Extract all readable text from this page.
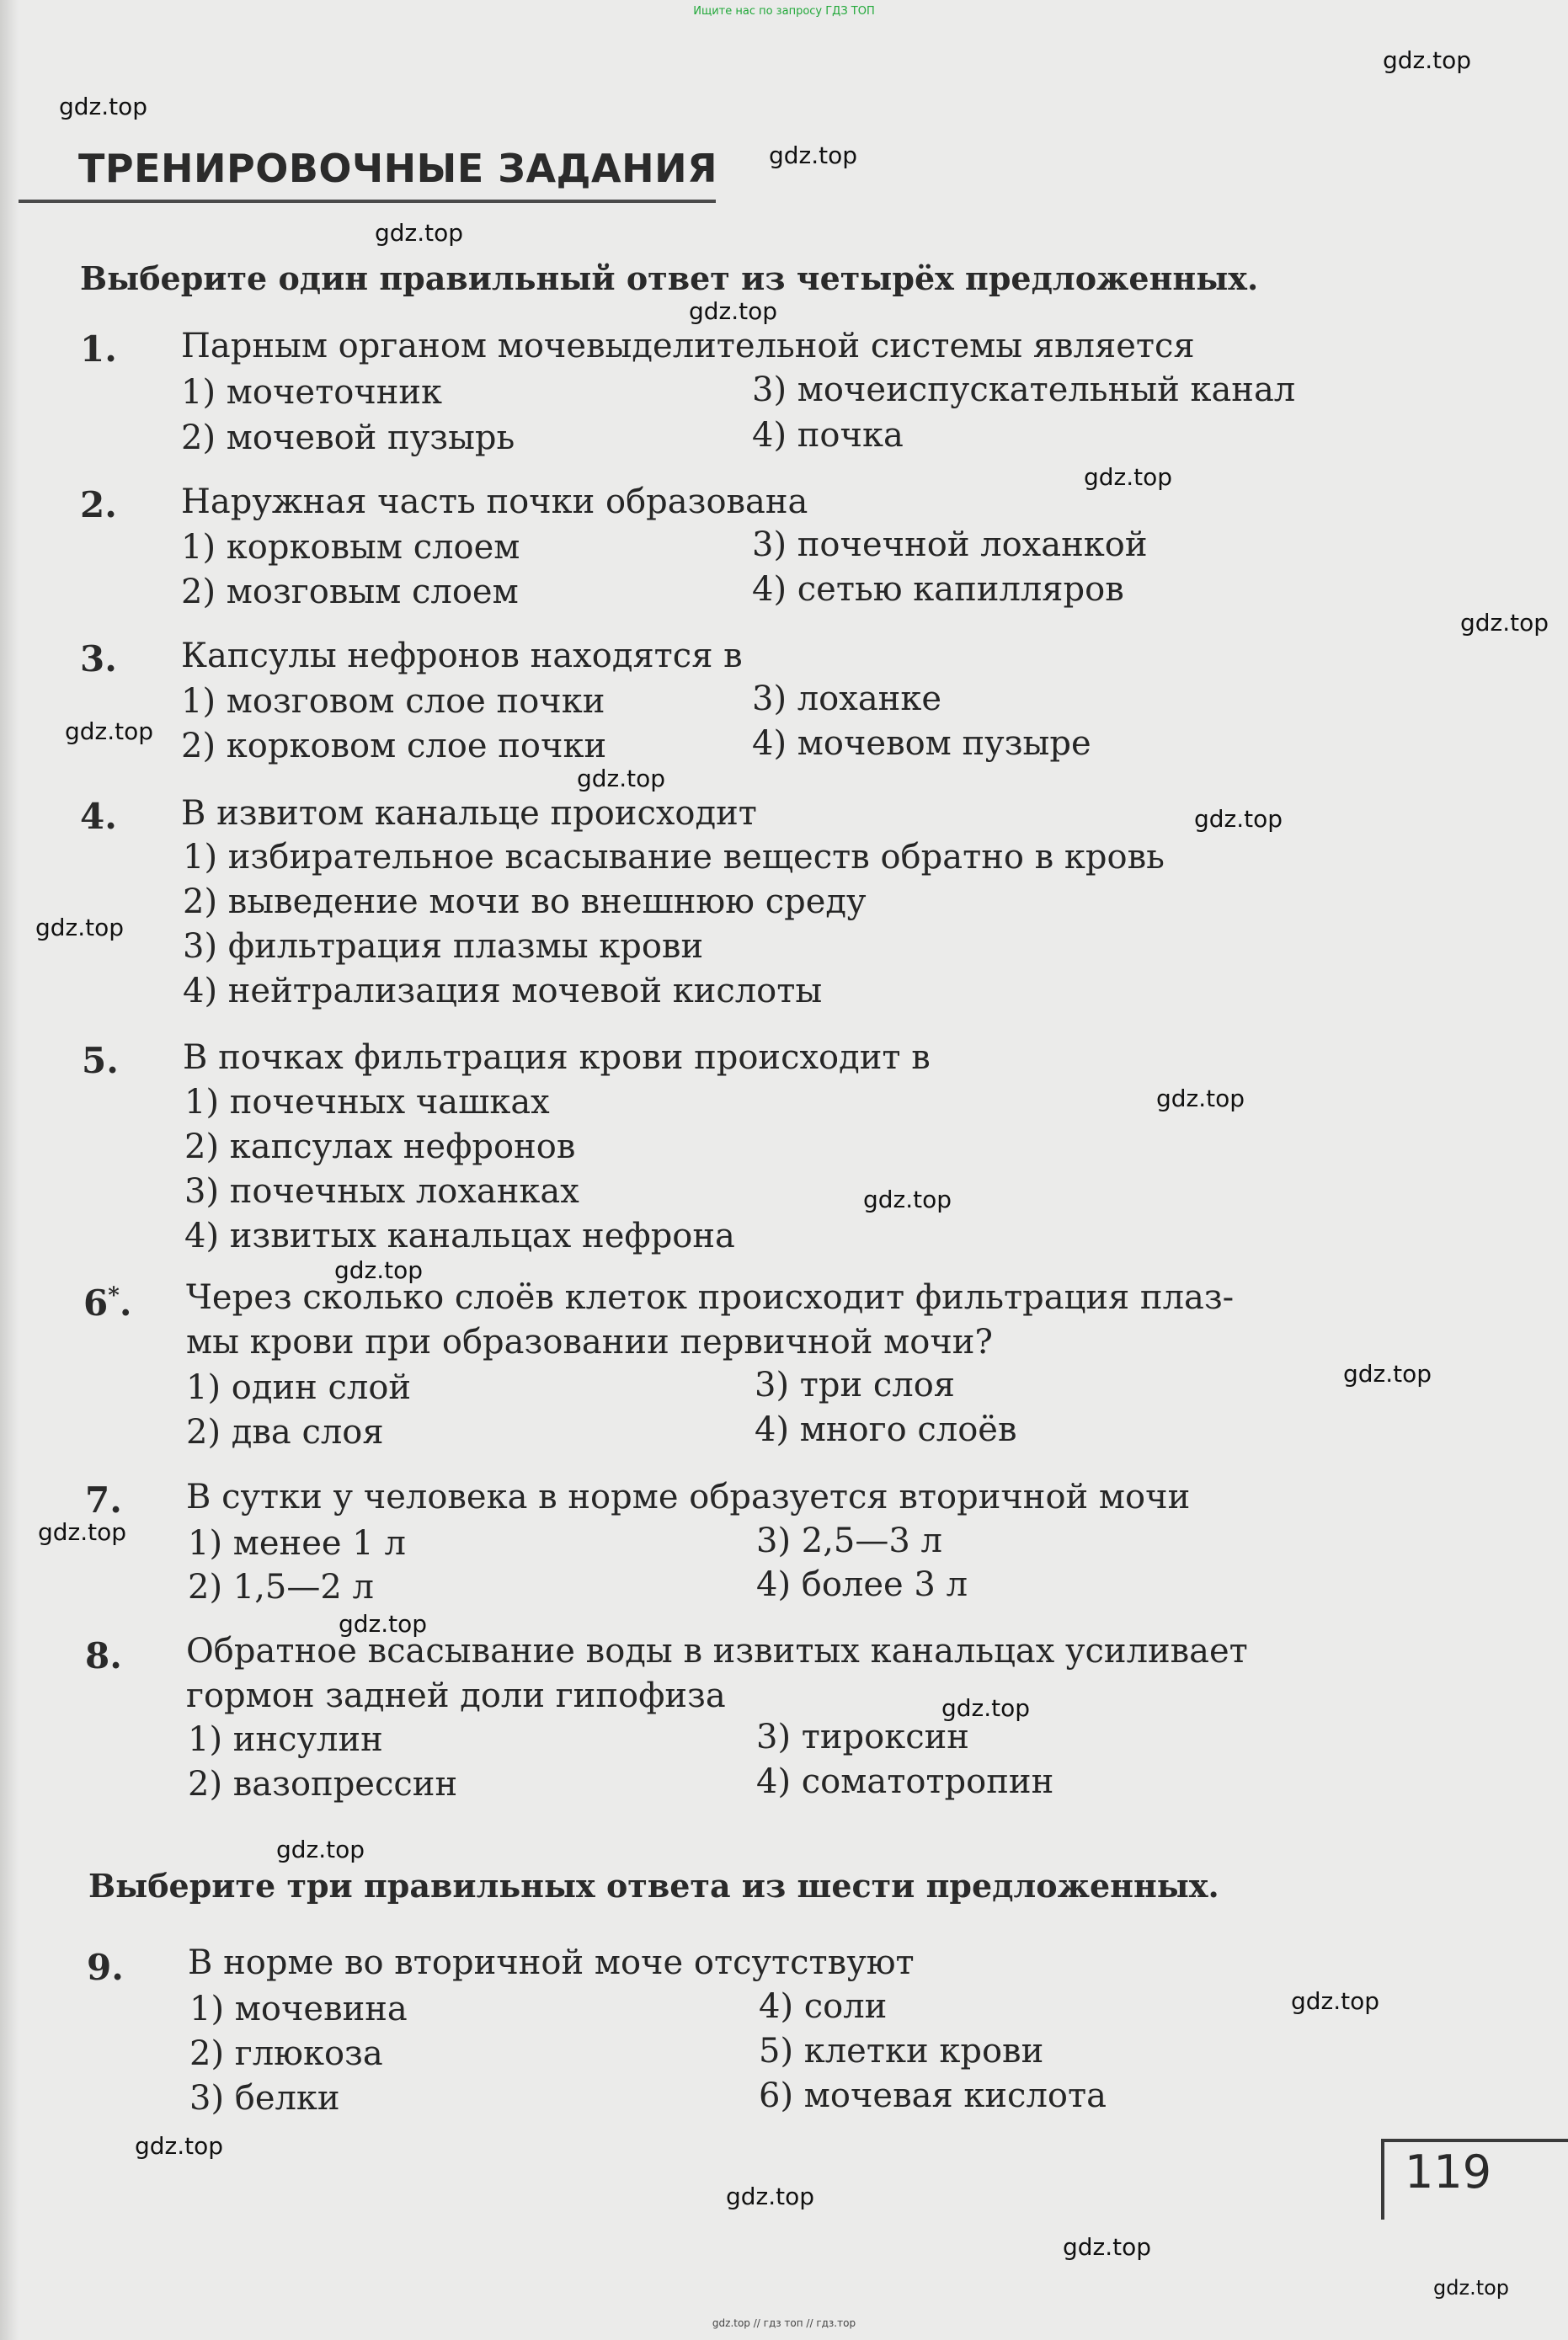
Ищите нас по запросу ГДЗ ТОП
ТРЕНИРОВОЧНЫЕ ЗАДАНИЯ
Выберите один правильный ответ из четырёх предложенных.
1. Парным органом мочевыделительной системы является
1) мочеточник	3) мочеиспускательный канал
2) мочевой пузырь	4) почка
2. Наружная часть почки образована
1) корковым слоем	3) почечной лоханкой
2) мозговым слоем	4) сетью капилляров
3. Капсулы нефронов находятся в
1) мозговом слое почки	3) лоханке
2) корковом слое почки	4) мочевом пузыре
4. В извитом канальце происходит
1) избирательное всасывание веществ обратно в кровь
2) выведение мочи во внешнюю среду
3) фильтрация плазмы крови
4) нейтрализация мочевой кислоты
5. В почках фильтрация крови происходит в
1) почечных чашках
2) капсулах нефронов
3) почечных лоханках
4) извитых канальцах нефрона
6*. Через сколько слоёв клеток происходит фильтрация плаз-
мы крови при образовании первичной мочи?
1) один слой	3) три слоя
2) два слоя	4) много слоёв
7. В сутки у человека в норме образуется вторичной мочи
1) менее 1 л	3) 2,5—3 л
2) 1,5—2 л	4) более 3 л
8. Обратное всасывание воды в извитых канальцах усиливает
гормон задней доли гипофиза
1) инсулин	3) тироксин
2) вазопрессин	4) соматотропин
Выберите три правильных ответа из шести предложенных.
9. В норме во вторичной моче отсутствуют
1) мочевина	4) соли
2) глюкоза	5) клетки крови
3) белки	6) мочевая кислота
119
gdz.top
gdz.top
gdz.top
gdz.top
gdz.top
gdz.top
gdz.top
gdz.top
gdz.top
gdz.top
gdz.top
gdz.top
gdz.top
gdz.top
gdz.top
gdz.top
gdz.top
gdz.top
gdz.top
gdz.top
gdz.top
gdz.top
gdz.top
gdz.top
gdz.top // гдз топ // гдз.тор
